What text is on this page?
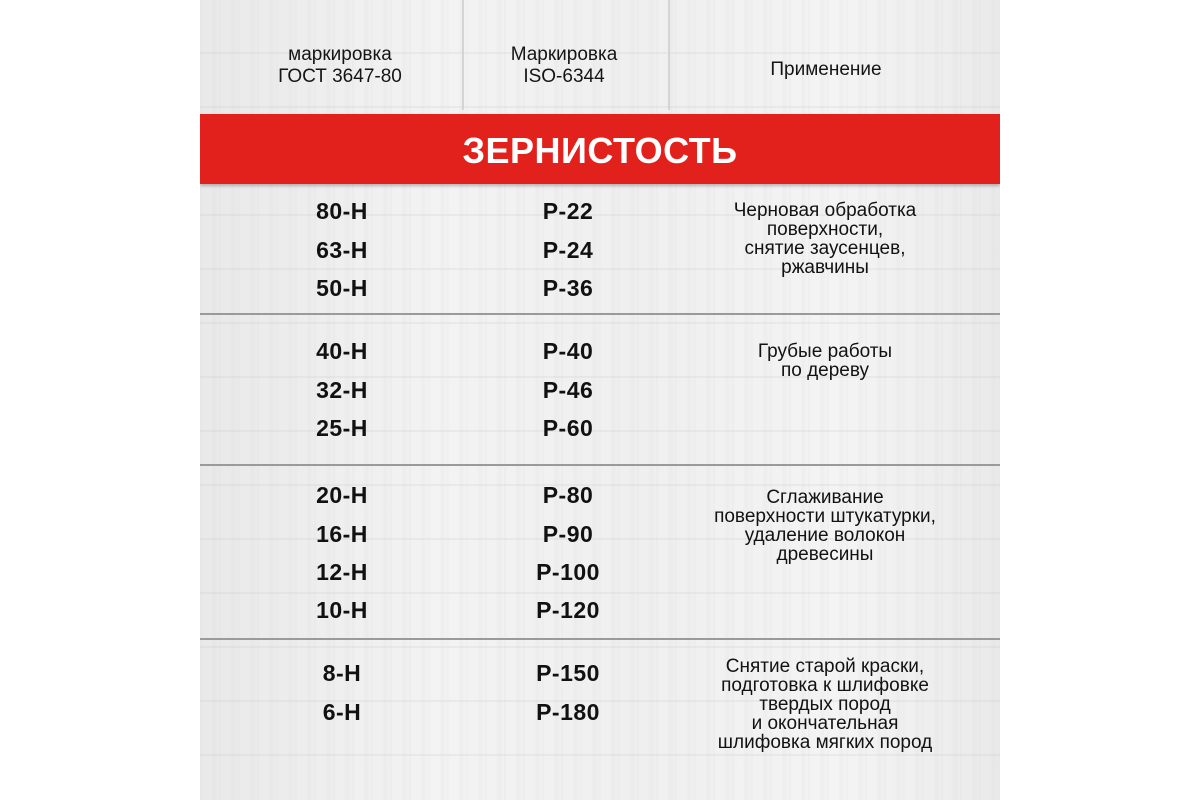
маркировка
ГОСТ 3647-80
Маркировка
ISO-6344	Применение
ЗЕРНИСТОСТЬ
80-Н
63-Н
50-Н
P-22
P-24
P-36
Черновая обработка
поверхности,
снятие заусенцев,
ржавчины
40-Н
32-Н
25-Н
P-40
P-46
P-60
Грубые работы
по дереву
20-Н
16-Н
12-Н
10-Н
P-80
P-90
P-100
P-120
Сглаживание
поверхности штукатурки,
удаление волокон
древесины
8-Н
6-Н
P-150
P-180
Снятие старой краски,
подготовка к шлифовке
твердых пород
и окончательная
шлифовка мягких пород
